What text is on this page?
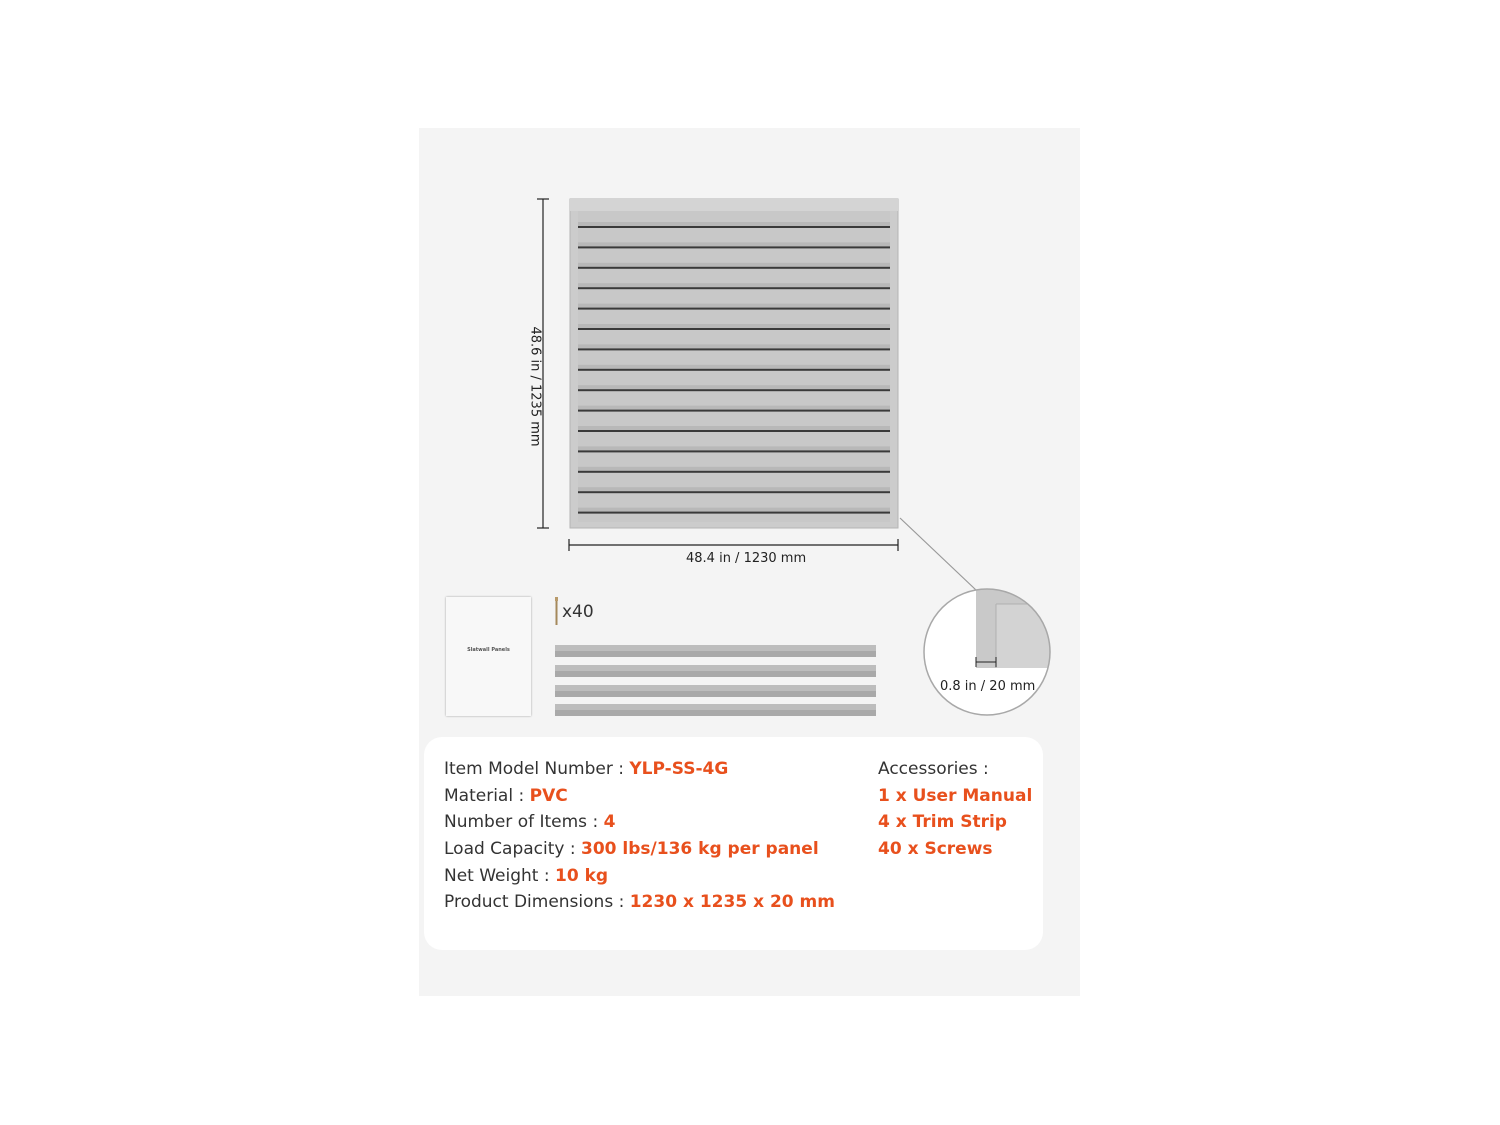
48.6 in / 1235 mm
48.4 in / 1230 mm
0.8 in / 20 mm
Slatwall Panels
x40
Item Model Number : YLP-SS-4G
Material : PVC
Number of Items : 4
Load Capacity : 300 lbs/136 kg per panel
Net Weight : 10 kg
Product Dimensions : 1230 x 1235 x 20 mm
Accessories :
1 x User Manual
4 x Trim Strip
40 x Screws
